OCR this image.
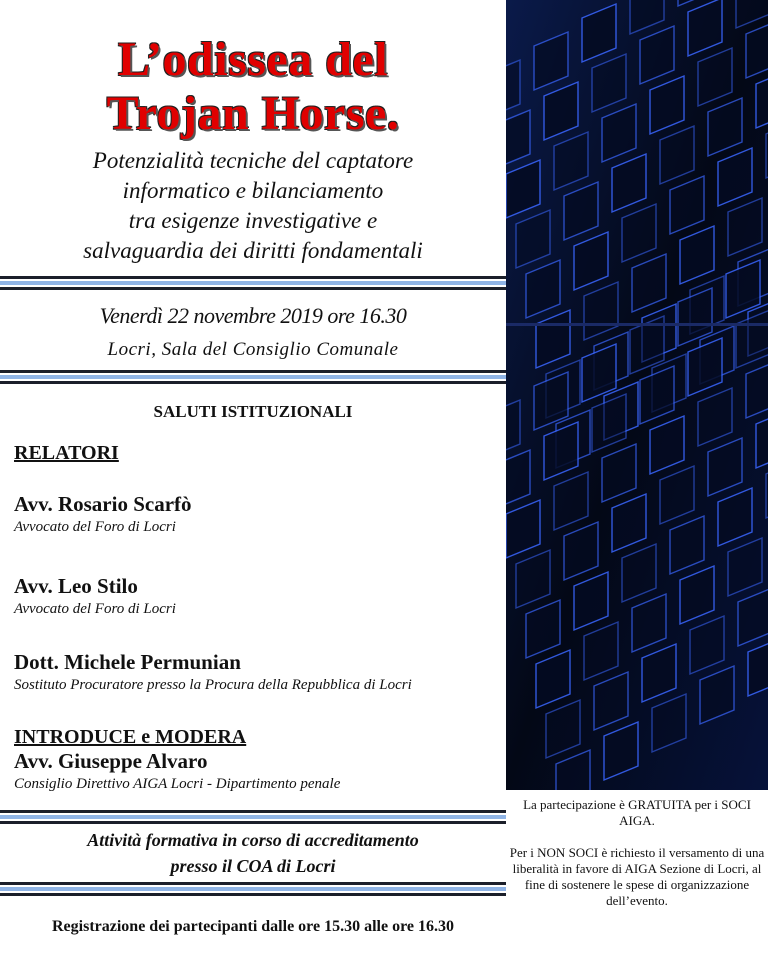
L’odissea del
Trojan Horse.
Potenzialità tecniche del captatore
informatico e bilanciamento
tra esigenze investigative e
salvaguardia dei diritti fondamentali
Venerdì 22 novembre 2019 ore 16.30
Locri, Sala del Consiglio Comunale
SALUTI ISTITUZIONALI
RELATORI
Avv. Rosario Scarfò
Avvocato del Foro di Locri
Avv. Leo Stilo
Avvocato del Foro di Locri
Dott. Michele Permunian
Sostituto Procuratore presso la Procura della Repubblica di Locri
INTRODUCE e MODERA
Avv. Giuseppe Alvaro
Consiglio Direttivo AIGA Locri - Dipartimento penale
Attività formativa in corso di accreditamento
presso il COA di Locri
Registrazione dei partecipanti dalle ore 15.30 alle ore 16.30

La partecipazione è GRATUITA per i SOCI AIGA.

Per i NON SOCI è richiesto il versamento di una liberalità in favore di AIGA Sezione di Locri, al fine di sostenere le spese di organizzazione dell’evento.
